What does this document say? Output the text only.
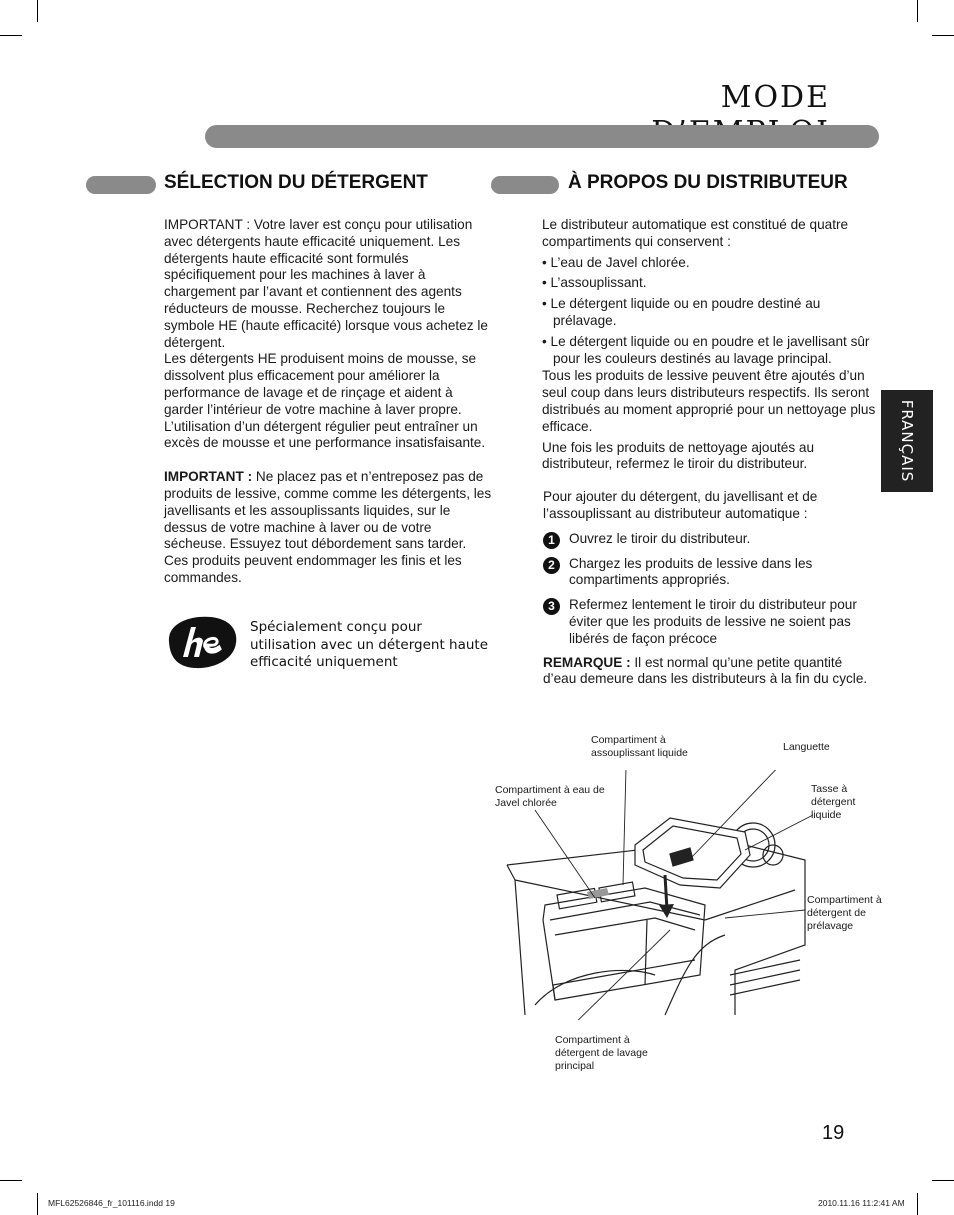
MODE
SÉLECTION DU DÉTERGENT

IMPORTANT : Votre laver est conçu pour utilisation avec détergents haute efficacité uniquement. Les détergents haute efficacité sont formulés spécifiquement pour les machines à laver à chargement par l’avant et contiennent des agents réducteurs de mousse. Recherchez toujours le symbole HE (haute efficacité) lorsque vous achetez le détergent.

Les détergents HE produisent moins de mousse, se dissolvent plus efficacement pour améliorer la performance de lavage et de rinçage et aident à garder l’intérieur de votre machine à laver propre. L’utilisation d’un détergent régulier peut entraîner un excès de mousse et une performance insatisfaisante.

IMPORTANT : Ne placez pas et n’entreposez pas de produits de lessive, comme comme les détergents, les javellisants et les assouplissants liquides, sur le dessus de votre machine à laver ou de votre sécheuse. Essuyez tout débordement sans tarder. Ces produits peuvent endommager les finis et les commandes.

Spécialement conçu pour utilisation avec un détergent haute efficacité uniquement
À PROPOS DU DISTRIBUTEUR

Le distributeur automatique est constitué de quatre compartiments qui conservent :

• L’eau de Javel chlorée.

• L’assouplissant.

• Le détergent liquide ou en poudre destiné au prélavage.

• Le détergent liquide ou en poudre et le javellisant sûr pour les couleurs destinés au lavage principal.

Tous les produits de lessive peuvent être ajoutés d’un seul coup dans leurs distributeurs respectifs. Ils seront distribués au moment approprié pour un nettoyage plus efficace.

Une fois les produits de nettoyage ajoutés au distributeur, refermez le tiroir du distributeur.

Pour ajouter du détergent, du javellisant et de l’assouplissant au distributeur automatique :

1	Ouvrez le tiroir du distributeur.

2	Chargez les produits de lessive dans les compartiments appropriés.

3	Refermez lentement le tiroir du distributeur pour éviter que les produits de lessive ne soient pas libérés de façon précoce

REMARQUE : Il est normal qu’une petite quantité d’eau demeure dans les distributeurs à la fin du cycle.

FRANÇAIS
Compartiment à assouplissant liquide	Languette
Compartiment à eau de Javel chlorée
Tasse à détergent liquide
Compartiment à détergent de prélavage
Compartiment à détergent de lavage principal
19
MFL62526846_fr_101116.indd 19	2010.11.16 11:2:41 AM
